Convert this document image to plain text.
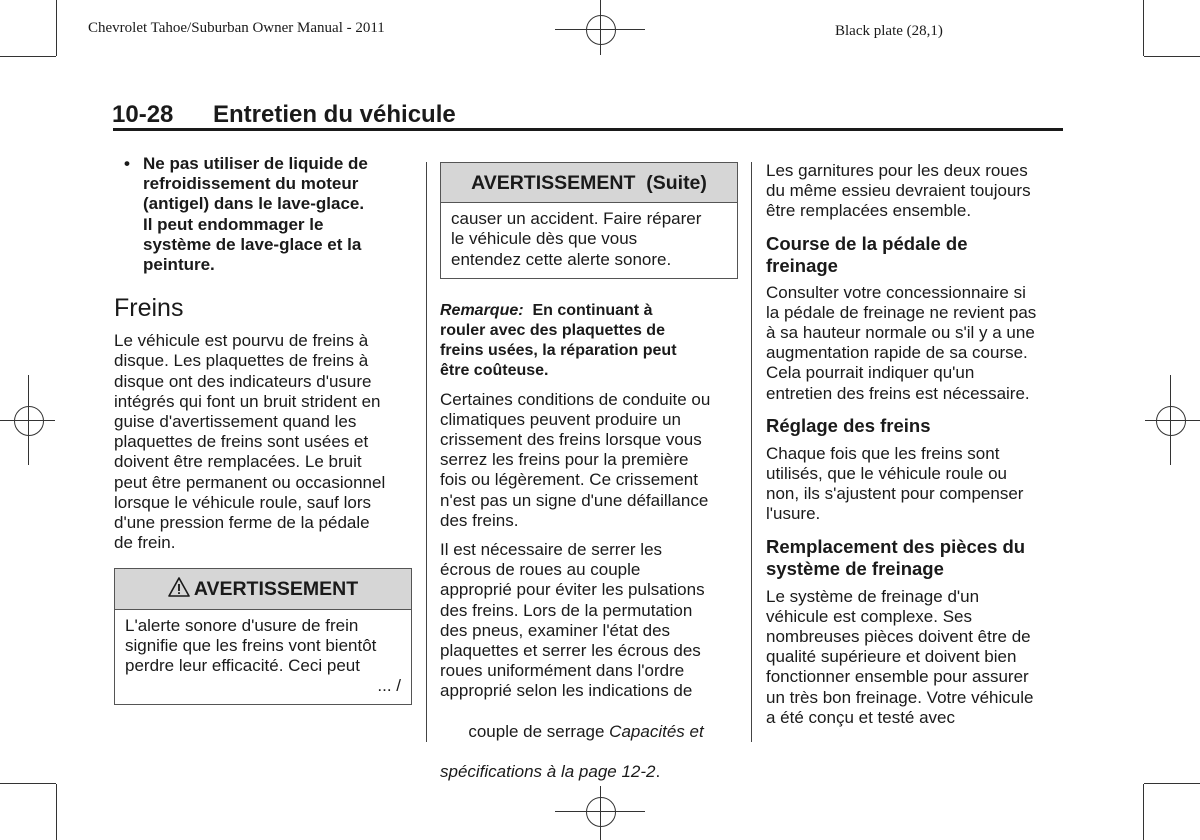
Chevrolet Tahoe/Suburban Owner Manual - 2011	Black plate (28,1)
10-28 Entretien du véhicule
• Ne pas utiliser de liquide de
refroidissement du moteur
(antigel) dans le lave-glace.
Il peut endommager le
système de lave-glace et la
peinture.
Freins

Le véhicule est pourvu de freins à
disque. Les plaquettes de freins à
disque ont des indicateurs d'usure
intégrés qui font un bruit strident en
guise d'avertissement quand les
plaquettes de freins sont usées et
doivent être remplacées. Le bruit
peut être permanent ou occasionnel
lorsque le véhicule roule, sauf lors
d'une pression ferme de la pédale
de frein.

AVERTISSEMENT
L'alerte sonore d'usure de frein
signifie que les freins vont bientôt
perdre leur efficacité. Ceci peut
... /
AVERTISSEMENT  (Suite)
causer un accident. Faire réparer
le véhicule dès que vous
entendez cette alerte sonore.

Remarque: En continuant à
rouler avec des plaquettes de
freins usées, la réparation peut
être coûteuse.

Certaines conditions de conduite ou
climatiques peuvent produire un
crissement des freins lorsque vous
serrez les freins pour la première
fois ou légèrement. Ce crissement
n'est pas un signe d'une défaillance
des freins.

Il est nécessaire de serrer les
écrous de roues au couple
approprié pour éviter les pulsations
des freins. Lors de la permutation
des pneus, examiner l'état des
plaquettes et serrer les écrous des
roues uniformément dans l'ordre
approprié selon les indications de

couple de serrage Capacités et

spécifications à la page 12-2.

Les garnitures pour les deux roues
du même essieu devraient toujours
être remplacées ensemble.

Course de la pédale de
freinage

Consulter votre concessionnaire si
la pédale de freinage ne revient pas
à sa hauteur normale ou s'il y a une
augmentation rapide de sa course.
Cela pourrait indiquer qu'un
entretien des freins est nécessaire.

Réglage des freins

Chaque fois que les freins sont
utilisés, que le véhicule roule ou
non, ils s'ajustent pour compenser
l'usure.

Remplacement des pièces du
système de freinage

Le système de freinage d'un
véhicule est complexe. Ses
nombreuses pièces doivent être de
qualité supérieure et doivent bien
fonctionner ensemble pour assurer
un très bon freinage. Votre véhicule
a été conçu et testé avec
